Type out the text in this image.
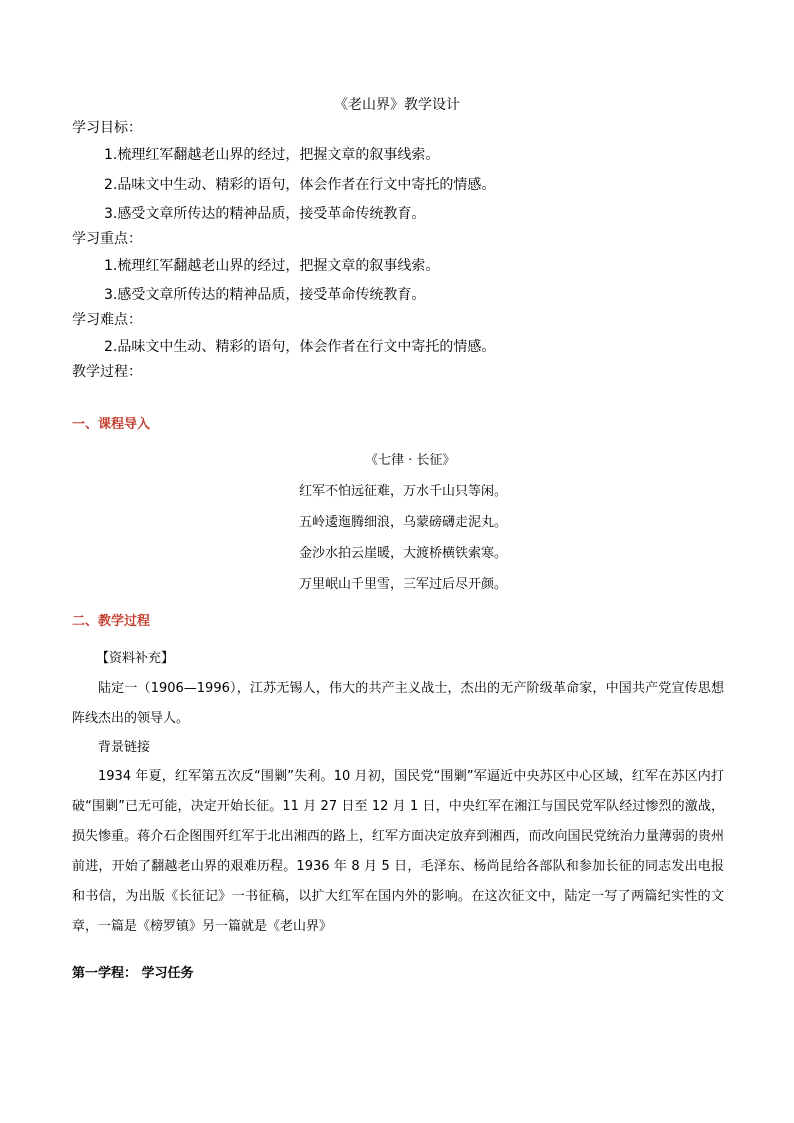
《老山界》教学设计
学习目标：
1.梳理红军翻越老山界的经过，把握文章的叙事线索。
2.品味文中生动、精彩的语句，体会作者在行文中寄托的情感。
3.感受文章所传达的精神品质，接受革命传统教育。
学习重点：
1.梳理红军翻越老山界的经过，把握文章的叙事线索。
3.感受文章所传达的精神品质，接受革命传统教育。
学习难点：
2.品味文中生动、精彩的语句，体会作者在行文中寄托的情感。
教学过程：
一、课程导入
《七律 · 长征》
红军不怕远征难，万水千山只等闲。
五岭逶迤腾细浪，乌蒙磅礴走泥丸。
金沙水拍云崖暖，大渡桥横铁索寒。
万里岷山千里雪，三军过后尽开颜。
二、教学过程
【资料补充】
陆定一（1906—1996），江苏无锡人，伟大的共产主义战士，杰出的无产阶级革命家，中国共产党宣传思想阵线杰出的领导人。
背景链接
1934 年夏，红军第五次反“围剿”失利。10 月初，国民党“围剿”军逼近中央苏区中心区域，红军在苏区内打破“围剿”已无可能，决定开始长征。11 月 27 日至 12 月 1 日，中央红军在湘江与国民党军队经过惨烈的激战，损失惨重。蒋介石企图围歼红军于北出湘西的路上，红军方面决定放弃到湘西，而改向国民党统治力量薄弱的贵州前进，开始了翻越老山界的艰难历程。1936 年 8 月 5 日，毛泽东、杨尚昆给各部队和参加长征的同志发出电报和书信，为出版《长征记》一书征稿，以扩大红军在国内外的影响。在这次征文中，陆定一写了两篇纪实性的文章，一篇是《榜罗镇》另一篇就是《老山界》
第一学程： 学习任务
